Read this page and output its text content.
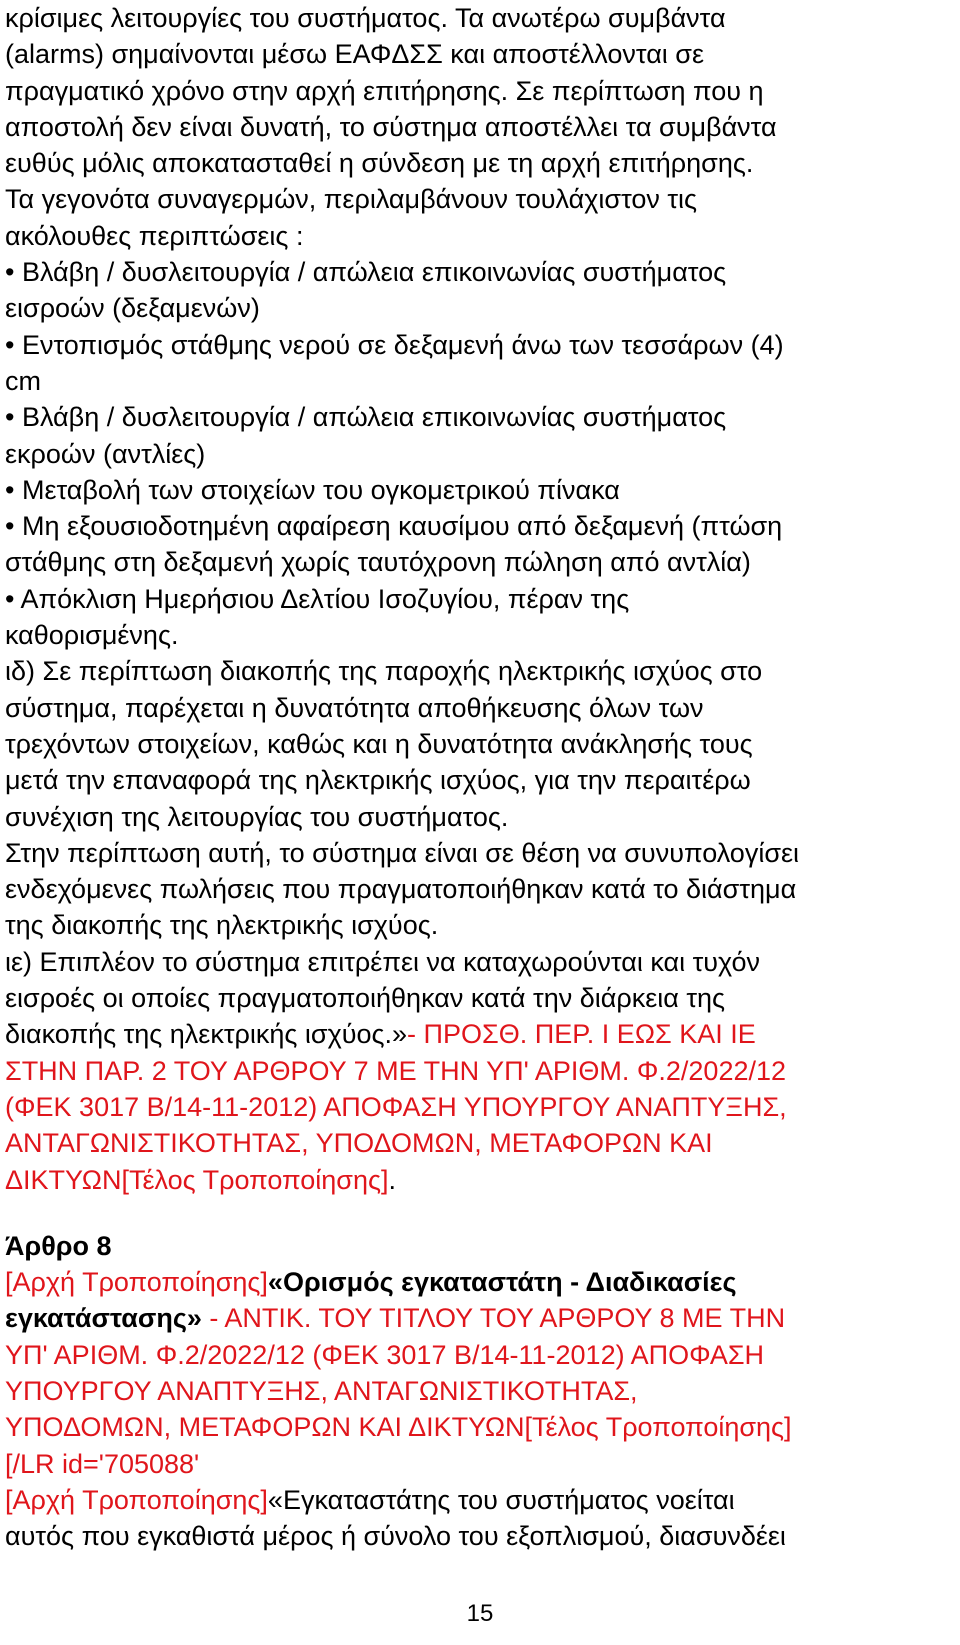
κρίσιμες λειτουργίες του συστήματος. Τα ανωτέρω συμβάντα
(alarms) σημαίνονται μέσω ΕΑΦΔΣΣ και αποστέλλονται σε
πραγματικό χρόνο στην αρχή επιτήρησης. Σε περίπτωση που η
αποστολή δεν είναι δυνατή, το σύστημα αποστέλλει τα συμβάντα
ευθύς μόλις αποκατασταθεί η σύνδεση με τη αρχή επιτήρησης.
Τα γεγονότα συναγερμών, περιλαμβάνουν τουλάχιστον τις
ακόλουθες περιπτώσεις :
• Βλάβη / δυσλειτουργία / απώλεια επικοινωνίας συστήματος
εισροών (δεξαμενών)
• Εντοπισμός στάθμης νερού σε δεξαμενή άνω των τεσσάρων (4)
cm
• Βλάβη / δυσλειτουργία / απώλεια επικοινωνίας συστήματος
εκροών (αντλίες)
• Μεταβολή των στοιχείων του ογκομετρικού πίνακα
• Μη εξουσιοδοτημένη αφαίρεση καυσίμου από δεξαμενή (πτώση
στάθμης στη δεξαμενή χωρίς ταυτόχρονη πώληση από αντλία)
• Απόκλιση Ημερήσιου Δελτίου Ισοζυγίου, πέραν της
καθορισμένης.
ιδ) Σε περίπτωση διακοπής της παροχής ηλεκτρικής ισχύος στο
σύστημα, παρέχεται η δυνατότητα αποθήκευσης όλων των
τρεχόντων στοιχείων, καθώς και η δυνατότητα ανάκλησής τους
μετά την επαναφορά της ηλεκτρικής ισχύος, για την περαιτέρω
συνέχιση της λειτουργίας του συστήματος.
Στην περίπτωση αυτή, το σύστημα είναι σε θέση να συνυπολογίσει
ενδεχόμενες πωλήσεις που πραγματοποιήθηκαν κατά το διάστημα
της διακοπής της ηλεκτρικής ισχύος.
ιε) Επιπλέον το σύστημα επιτρέπει να καταχωρούνται και τυχόν
εισροές οι οποίες πραγματοποιήθηκαν κατά την διάρκεια της
διακοπής της ηλεκτρικής ισχύος.»- ΠΡΟΣΘ. ΠΕΡ. Ι ΕΩΣ ΚΑΙ ΙΕ
ΣΤΗΝ ΠΑΡ. 2 ΤΟΥ ΑΡΘΡΟΥ 7 ΜΕ ΤΗΝ ΥΠ' ΑΡΙΘΜ. Φ.2/2022/12
(ΦΕΚ 3017 Β/14-11-2012) ΑΠΟΦΑΣΗ ΥΠΟΥΡΓΟΥ ΑΝΑΠΤΥΞΗΣ,
ΑΝΤΑΓΩΝΙΣΤΙΚΟΤΗΤΑΣ, ΥΠΟΔΟΜΩΝ, ΜΕΤΑΦΟΡΩΝ ΚΑΙ
ΔΙΚΤΥΩΝ[Τέλος Τροποποίησης].
Άρθρο 8
[Αρχή Τροποποίησης]«Ορισμός εγκαταστάτη - Διαδικασίες
εγκατάστασης» - ΑΝΤΙΚ. ΤΟΥ ΤΙΤΛΟΥ ΤΟΥ ΑΡΘΡΟΥ 8 ΜΕ ΤΗΝ
ΥΠ' ΑΡΙΘΜ. Φ.2/2022/12 (ΦΕΚ 3017 Β/14-11-2012) ΑΠΟΦΑΣΗ
ΥΠΟΥΡΓΟΥ ΑΝΑΠΤΥΞΗΣ, ΑΝΤΑΓΩΝΙΣΤΙΚΟΤΗΤΑΣ,
ΥΠΟΔΟΜΩΝ, ΜΕΤΑΦΟΡΩΝ ΚΑΙ ΔΙΚΤΥΩΝ[Τέλος Τροποποίησης]
[/LR id='705088'
[Αρχή Τροποποίησης]«Εγκαταστάτης του συστήματος νοείται
αυτός που εγκαθιστά μέρος ή σύνολο του εξοπλισμού, διασυνδέει
15
